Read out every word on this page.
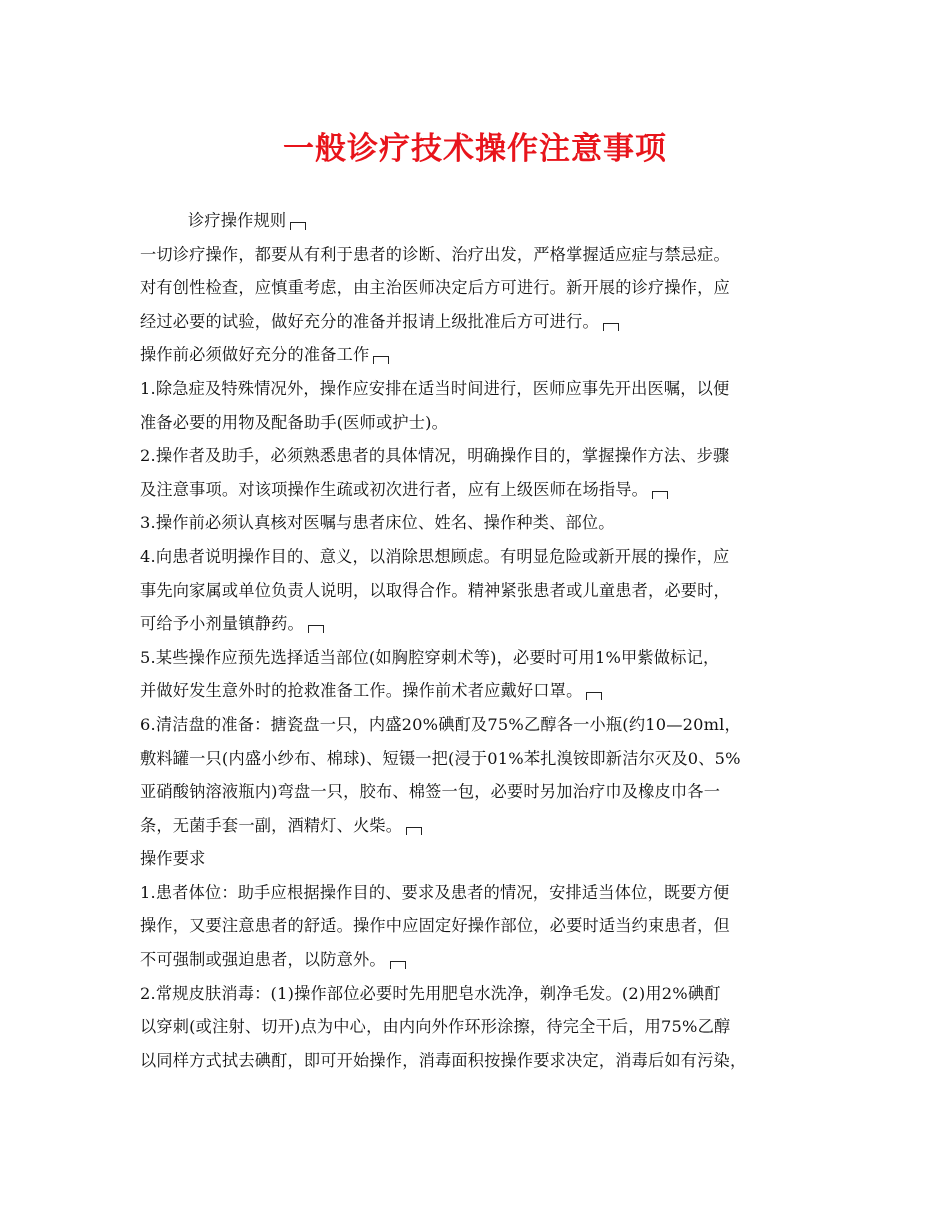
一般诊疗技术操作注意事项
诊疗操作规则
一切诊疗操作，都要从有利于患者的诊断、治疗出发，严格掌握适应症与禁忌症。
对有创性检查，应慎重考虑，由主治医师决定后方可进行。新开展的诊疗操作，应
经过必要的试验，做好充分的准备并报请上级批准后方可进行。
操作前必须做好充分的准备工作
1.除急症及特殊情况外，操作应安排在适当时间进行，医师应事先开出医嘱，以便
准备必要的用物及配备助手(医师或护士)。
2.操作者及助手，必须熟悉患者的具体情况，明确操作目的，掌握操作方法、步骤
及注意事项。对该项操作生疏或初次进行者，应有上级医师在场指导。
3.操作前必须认真核对医嘱与患者床位、姓名、操作种类、部位。
4.向患者说明操作目的、意义，以消除思想顾虑。有明显危险或新开展的操作，应
事先向家属或单位负责人说明，以取得合作。精神紧张患者或儿童患者，必要时，
可给予小剂量镇静药。
5.某些操作应预先选择适当部位(如胸腔穿刺术等)，必要时可用1%甲紫做标记，
并做好发生意外时的抢救准备工作。操作前术者应戴好口罩。
6.清洁盘的准备：搪瓷盘一只，内盛20%碘酊及75%乙醇各一小瓶(约10—20ml，
敷料罐一只(内盛小纱布、棉球)、短镊一把(浸于01%苯扎溴铵即新洁尔灭及0、5%
亚硝酸钠溶液瓶内)弯盘一只，胶布、棉签一包，必要时另加治疗巾及橡皮巾各一
条，无菌手套一副，酒精灯、火柴。
操作要求
1.患者体位：助手应根据操作目的、要求及患者的情况，安排适当体位，既要方便
操作，又要注意患者的舒适。操作中应固定好操作部位，必要时适当约束患者，但
不可强制或强迫患者，以防意外。
2.常规皮肤消毒：(1)操作部位必要时先用肥皂水洗净，剃净毛发。(2)用2%碘酊
以穿刺(或注射、切开)点为中心，由内向外作环形涂擦，待完全干后，用75%乙醇
以同样方式拭去碘酊，即可开始操作，消毒面积按操作要求决定，消毒后如有污染，
